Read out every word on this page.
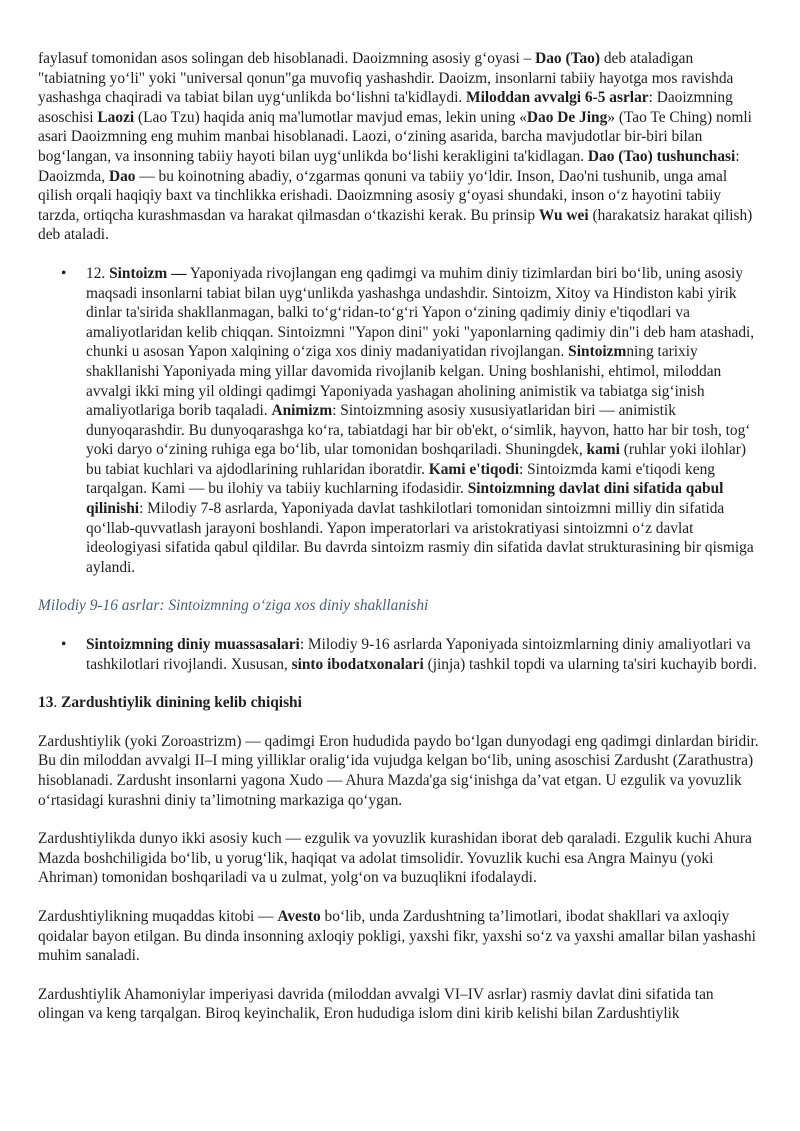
faylasuf tomonidan asos solingan deb hisoblanadi. Daoizmning asosiy g‘oyasi – Dao (Tao) deb ataladigan "tabiatning yo‘li" yoki "universal qonun"ga muvofiq yashashdir. Daoizm, insonlarni tabiiy hayotga mos ravishda yashashga chaqiradi va tabiat bilan uyg‘unlikda bo‘lishni ta'kidlaydi. Miloddan avvalgi 6-5 asrlar: Daoizmning asoschisi Laozi (Lao Tzu) haqida aniq ma'lumotlar mavjud emas, lekin uning «Dao De Jing» (Tao Te Ching) nomli asari Daoizmning eng muhim manbai hisoblanadi. Laozi, o‘zining asarida, barcha mavjudotlar bir-biri bilan bog‘langan, va insonning tabiiy hayoti bilan uyg‘unlikda bo‘lishi kerakligini ta'kidlagan. Dao (Tao) tushunchasi: Daoizmda, Dao — bu koinotning abadiy, o‘zgarmas qonuni va tabiiy yo‘ldir. Inson, Dao'ni tushunib, unga amal qilish orqali haqiqiy baxt va tinchlikka erishadi. Daoizmning asosiy g‘oyasi shundaki, inson o‘z hayotini tabiiy tarzda, ortiqcha kurashmasdan va harakat qilmasdan o‘tkazishi kerak. Bu prinsip Wu wei (harakatsiz harakat qilish) deb ataladi.

• 12. Sintoizm — Yaponiyada rivojlangan eng qadimgi va muhim diniy tizimlardan biri bo‘lib, uning asosiy maqsadi insonlarni tabiat bilan uyg‘unlikda yashashga undashdir. Sintoizm, Xitoy va Hindiston kabi yirik dinlar ta'sirida shakllanmagan, balki to‘g‘ridan-to‘g‘ri Yapon o‘zining qadimiy diniy e'tiqodlari va amaliyotlaridan kelib chiqqan. Sintoizmni "Yapon dini" yoki "yaponlarning qadimiy din"i deb ham atashadi, chunki u asosan Yapon xalqining o‘ziga xos diniy madaniyatidan rivojlangan. Sintoizmning tarixiy shakllanishi Yaponiyada ming yillar davomida rivojlanib kelgan. Uning boshlanishi, ehtimol, miloddan avvalgi ikki ming yil oldingi qadimgi Yaponiyada yashagan aholining animistik va tabiatga sig‘inish amaliyotlariga borib taqaladi. Animizm: Sintoizmning asosiy xususiyatlaridan biri — animistik dunyoqarashdir. Bu dunyoqarashga ko‘ra, tabiatdagi har bir ob'ekt, o‘simlik, hayvon, hatto har bir tosh, tog‘ yoki daryo o‘zining ruhiga ega bo‘lib, ular tomonidan boshqariladi. Shuningdek, kami (ruhlar yoki ilohlar) bu tabiat kuchlari va ajdodlarining ruhlaridan iboratdir. Kami e'tiqodi: Sintoizmda kami e'tiqodi keng tarqalgan. Kami — bu ilohiy va tabiiy kuchlarning ifodasidir. Sintoizmning davlat dini sifatida qabul qilinishi: Milodiy 7-8 asrlarda, Yaponiyada davlat tashkilotlari tomonidan sintoizmni milliy din sifatida qo‘llab-quvvatlash jarayoni boshlandi. Yapon imperatorlari va aristokratiyasi sintoizmni o‘z davlat ideologiyasi sifatida qabul qildilar. Bu davrda sintoizm rasmiy din sifatida davlat strukturasining bir qismiga aylandi.

Milodiy 9-16 asrlar: Sintoizmning o‘ziga xos diniy shakllanishi

• Sintoizmning diniy muassasalari: Milodiy 9-16 asrlarda Yaponiyada sintoizmlarning diniy amaliyotlari va tashkilotlari rivojlandi. Xususan, sinto ibodatxonalari (jinja) tashkil topdi va ularning ta'siri kuchayib bordi.

13. Zardushtiylik dinining kelib chiqishi

Zardushtiylik (yoki Zoroastrizm) — qadimgi Eron hududida paydo bo‘lgan dunyodagi eng qadimgi dinlardan biridir. Bu din miloddan avvalgi II–I ming yilliklar oralig‘ida vujudga kelgan bo‘lib, uning asoschisi Zardusht (Zarathustra) hisoblanadi. Zardusht insonlarni yagona Xudo — Ahura Mazda'ga sig‘inishga da’vat etgan. U ezgulik va yovuzlik o‘rtasidagi kurashni diniy ta’limotning markaziga qo‘ygan.

Zardushtiylikda dunyo ikki asosiy kuch — ezgulik va yovuzlik kurashidan iborat deb qaraladi. Ezgulik kuchi Ahura Mazda boshchiligida bo‘lib, u yorug‘lik, haqiqat va adolat timsolidir. Yovuzlik kuchi esa Angra Mainyu (yoki Ahriman) tomonidan boshqariladi va u zulmat, yolg‘on va buzuqlikni ifodalaydi.

Zardushtiylikning muqaddas kitobi — Avesto bo‘lib, unda Zardushtning ta’limotlari, ibodat shakllari va axloqiy qoidalar bayon etilgan. Bu dinda insonning axloqiy pokligi, yaxshi fikr, yaxshi so‘z va yaxshi amallar bilan yashashi muhim sanaladi.

Zardushtiylik Ahamoniylar imperiyasi davrida (miloddan avvalgi VI–IV asrlar) rasmiy davlat dini sifatida tan olingan va keng tarqalgan. Biroq keyinchalik, Eron hududiga islom dini kirib kelishi bilan Zardushtiylik
